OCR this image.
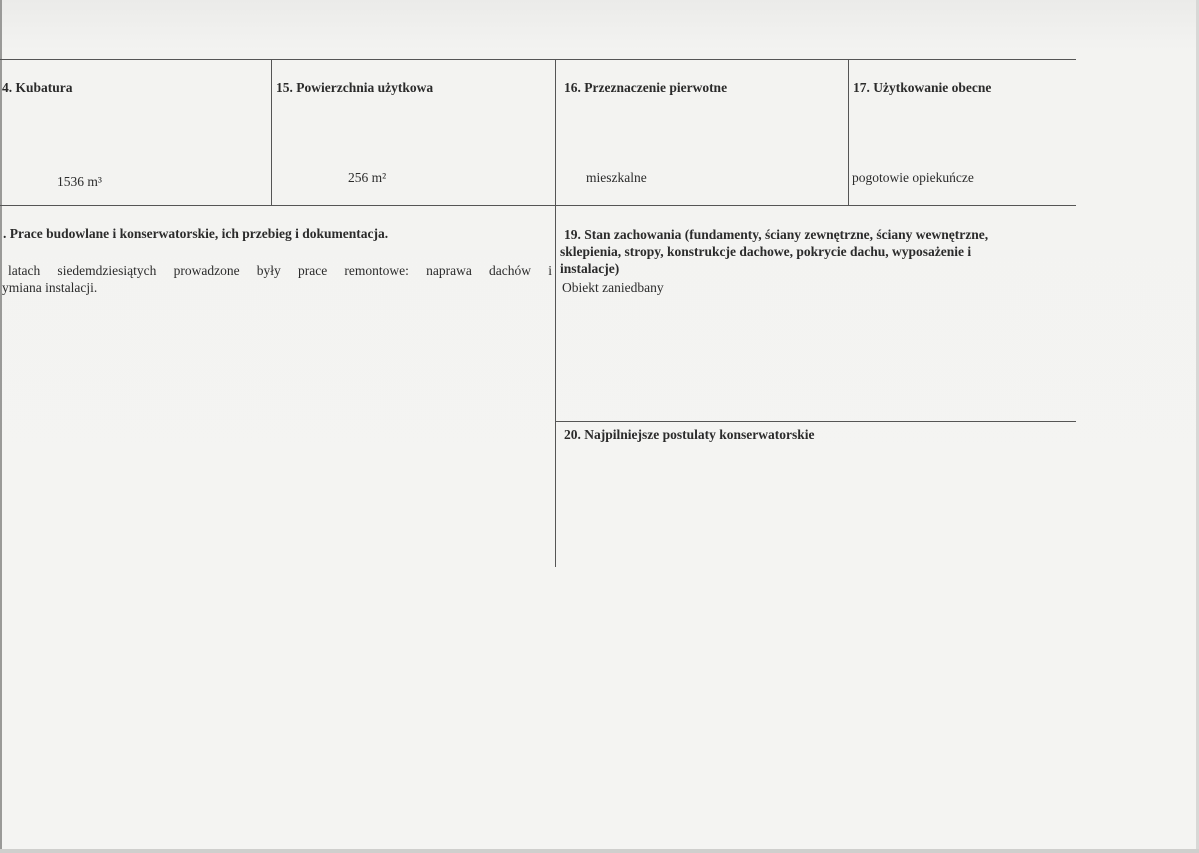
4. Kubatura
1536 m³
15. Powierzchnia użytkowa
256 m²
16. Przeznaczenie pierwotne
mieszkalne
17. Użytkowanie obecne
pogotowie opiekuńcze
. Prace budowlane i konserwatorskie, ich przebieg i dokumentacja.
latach siedemdziesiątych prowadzone były prace remontowe: naprawa dachów i
ymiana instalacji.
19. Stan zachowania (fundamenty, ściany zewnętrzne, ściany wewnętrzne,
sklepienia, stropy, konstrukcje dachowe, pokrycie dachu, wyposażenie i
instalacje)
Obiekt zaniedbany
20. Najpilniejsze postulaty konserwatorskie
